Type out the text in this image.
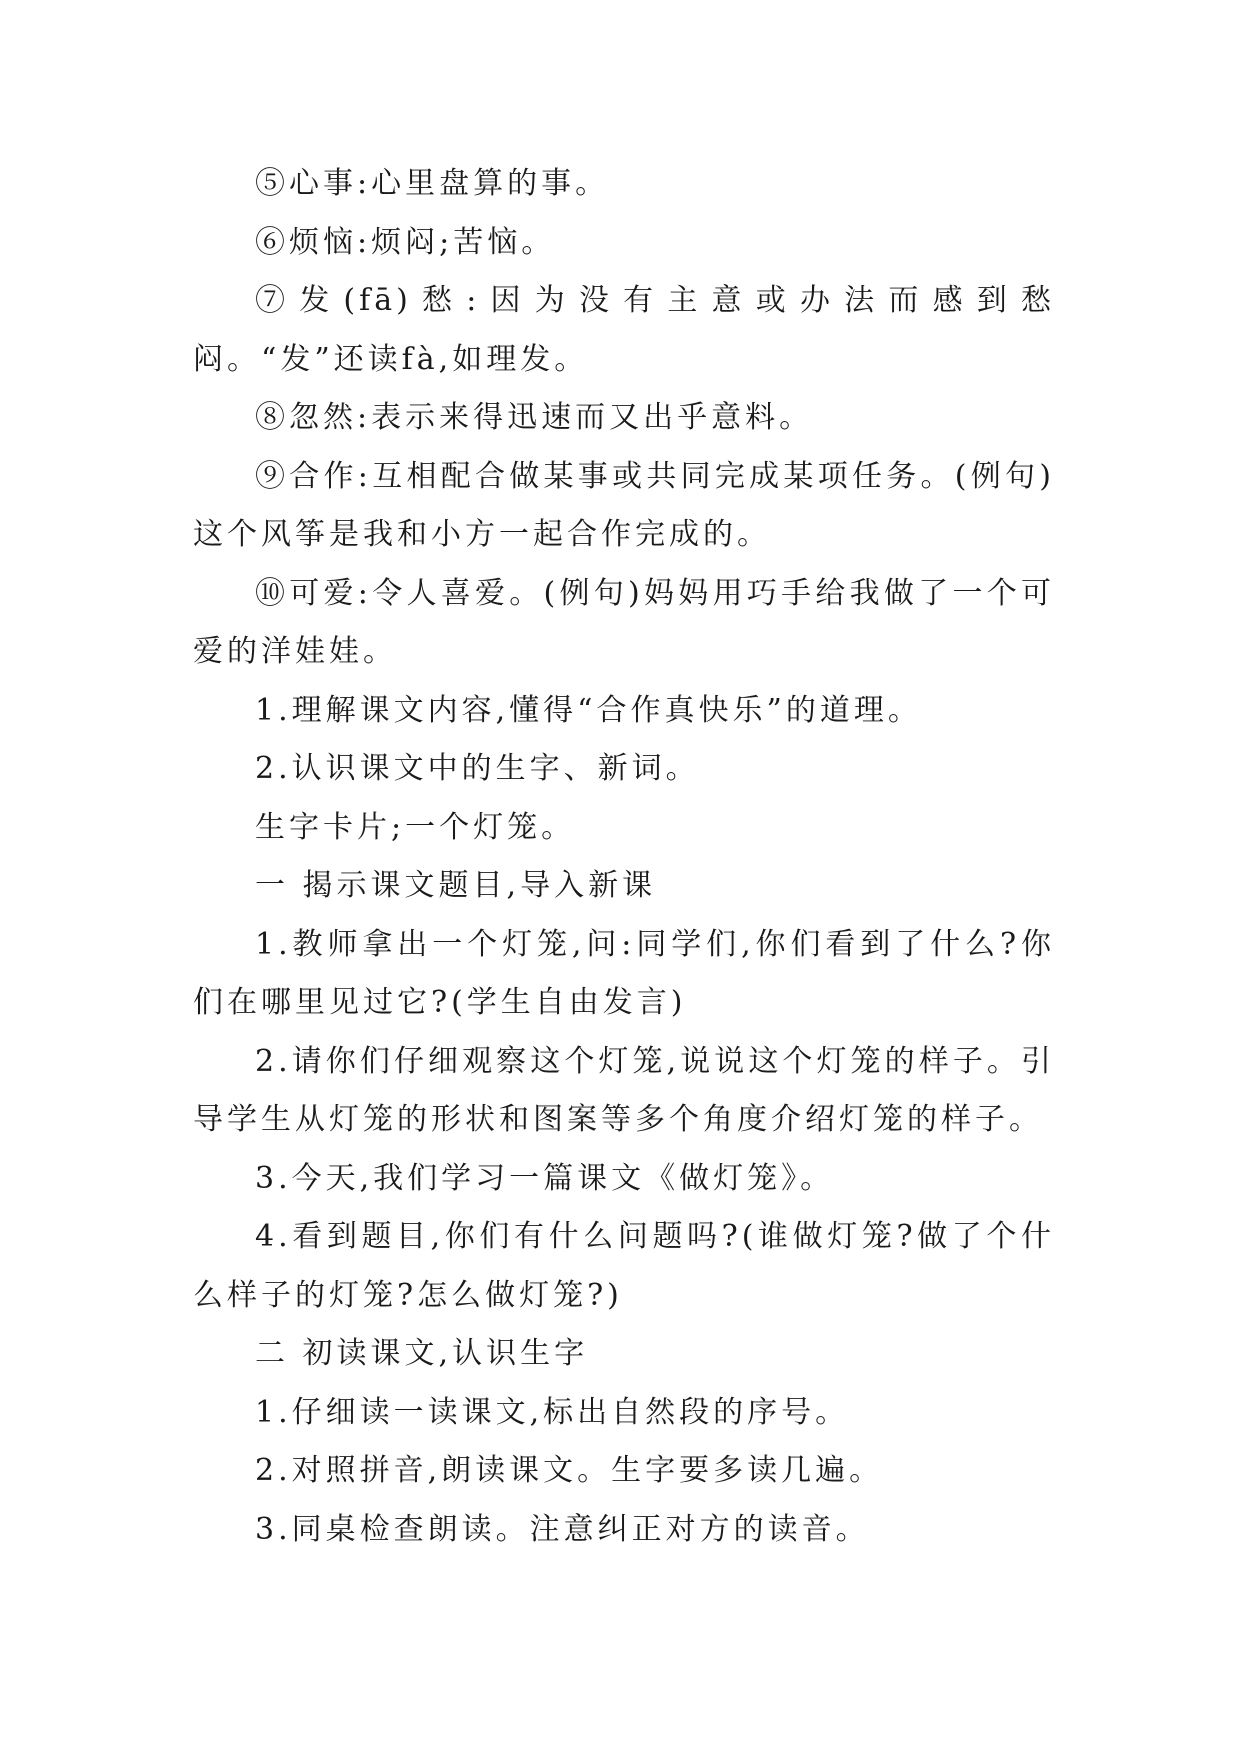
⑤心事:心里盘算的事。

⑥烦恼:烦闷;苦恼。

⑦发(fā)愁:因为没有主意或办法而感到愁闷。“发”还读fà,如理发。

⑧忽然:表示来得迅速而又出乎意料。

⑨合作:互相配合做某事或共同完成某项任务。(例句)这个风筝是我和小方一起合作完成的。

⑩可爱:令人喜爱。(例句)妈妈用巧手给我做了一个可爱的洋娃娃。

1.理解课文内容,懂得“合作真快乐”的道理。

2.认识课文中的生字、新词。

生字卡片;一个灯笼。

一 揭示课文题目,导入新课

1.教师拿出一个灯笼,问:同学们,你们看到了什么?你们在哪里见过它?(学生自由发言)

2.请你们仔细观察这个灯笼,说说这个灯笼的样子。引导学生从灯笼的形状和图案等多个角度介绍灯笼的样子。

3.今天,我们学习一篇课文《做灯笼》。

4.看到题目,你们有什么问题吗?(谁做灯笼?做了个什么样子的灯笼?怎么做灯笼?)

二 初读课文,认识生字

1.仔细读一读课文,标出自然段的序号。

2.对照拼音,朗读课文。生字要多读几遍。

3.同桌检查朗读。注意纠正对方的读音。
